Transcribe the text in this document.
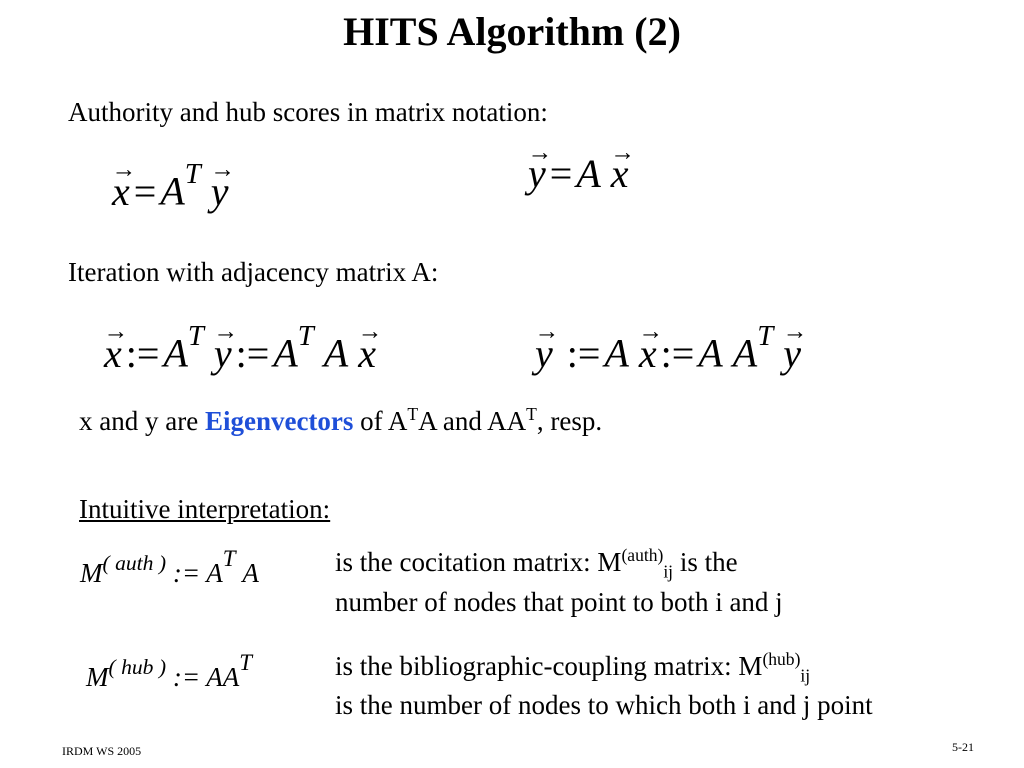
HITS Algorithm (2)
Authority and hub scores in matrix notation:
→ $x = A^T \to y$	→ y = A → x
Iteration with adjacency matrix A:
→ x := $A^T \to y$ := $A^T$ A → x	→ y := A → x := A $A^T \to y$
x and y are Eigenvectors of $A^TA$ and $AA^T$, resp.
Intuitive interpretation:
$M^{( auth )}$ := $A^T$ A	is the cocitation matrix: $M^{(auth)}_{ij}$ is the
number of nodes that point to both i and j
$M^{( hub )}$ := $AA^T$	is the bibliographic-coupling matrix: $M^{(hub)}_{ij}$
is the number of nodes to which both i and j point
IRDM WS 2005	5-21
